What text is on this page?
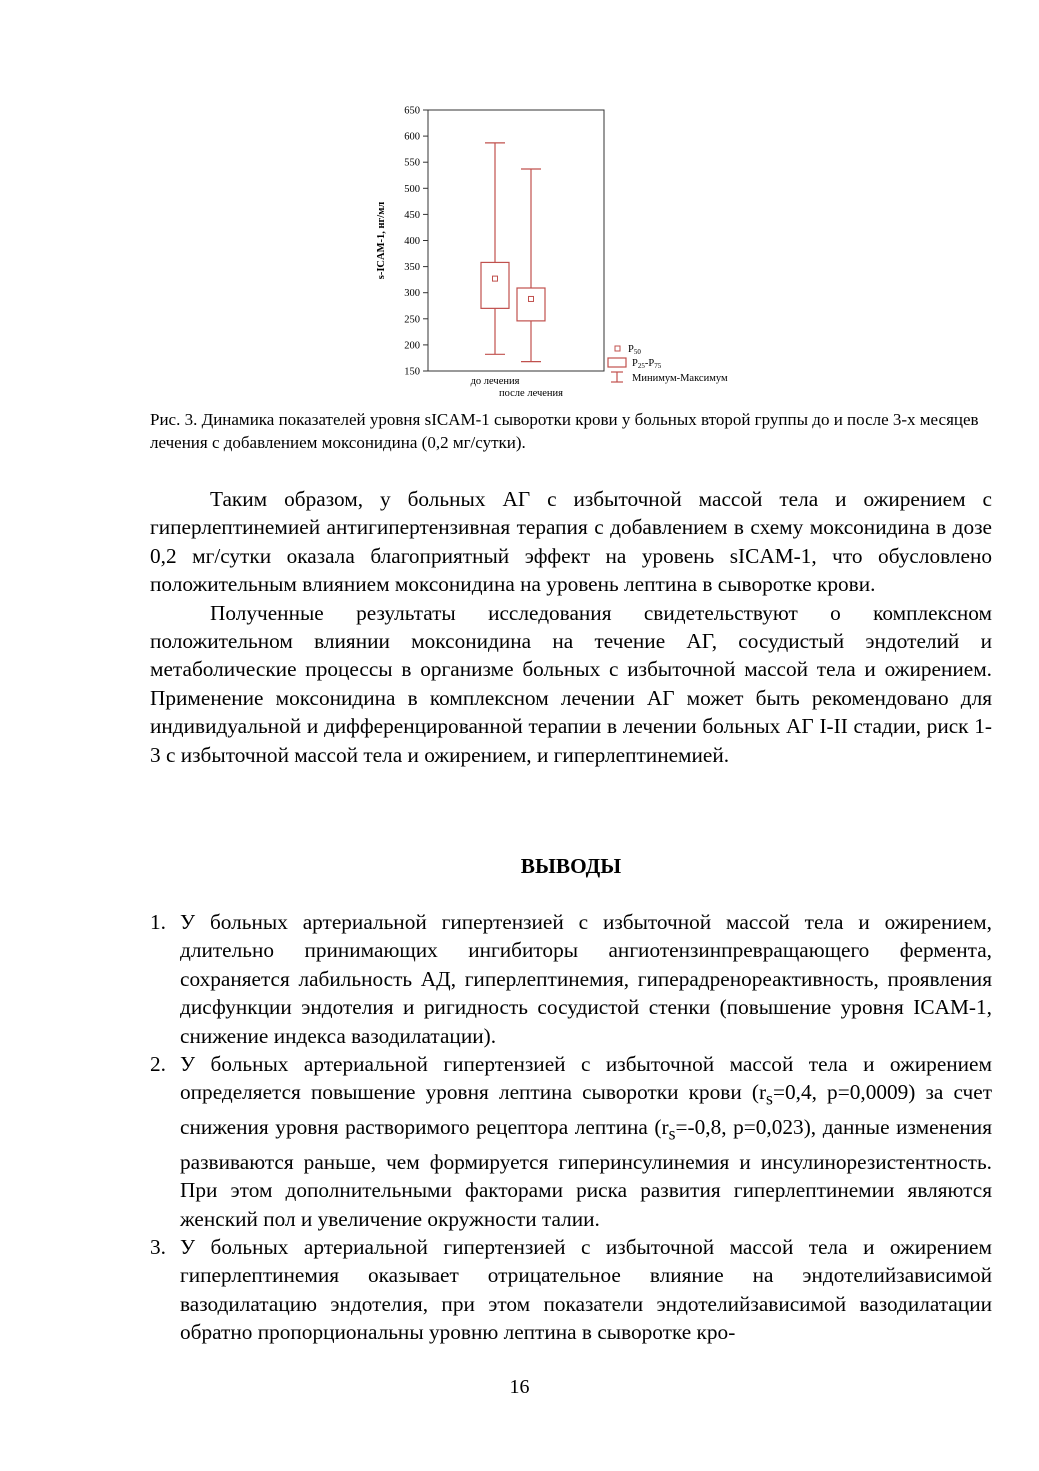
150
200
250
300
350
400
450
500
550
600
650
s-ICAM-1, нг/мл
до лечения
после лечения
P50
P25-P75
Минимум-Максимум
Рис. 3. Динамика показателей уровня sICAM-1 сыворотки крови у больных второй группы до и после 3-х месяцев лечения с добавлением моксонидина (0,2 мг/сутки).

Таким образом, у больных АГ с избыточной массой тела и ожирением с гиперлептинемией антигипертензивная терапия с добавлением в схему моксонидина в дозе 0,2 мг/сутки оказала благоприятный эффект на уровень sICAM-1, что обусловлено положительным влиянием моксонидина на уровень лептина в сыворотке крови.

Полученные результаты исследования свидетельствуют о комплексном положительном влиянии моксонидина на течение АГ, сосудистый эндотелий и метаболические процессы в организме больных с избыточной массой тела и ожирением. Применение моксонидина в комплексном лечении АГ может быть рекомендовано для индивидуальной и дифференцированной терапии в лечении больных АГ I-II стадии, риск 1-3 с избыточной массой тела и ожирением, и гиперлептинемией.

ВЫВОДЫ
1. У больных артериальной гипертензией с избыточной массой тела и ожирением, длительно принимающих ингибиторы ангиотензинпревращающего фермента, сохраняется лабильность АД, гиперлептинемия, гиперадренореактивность, проявления дисфункции эндотелия и ригидность сосудистой стенки (повышение уровня ICAM-1, снижение индекса вазодилатации).
2. У больных артериальной гипертензией с избыточной массой тела и ожирением определяется повышение уровня лептина сыворотки крови ($r_s=0,4$, p=0,0009) за счет снижения уровня растворимого рецептора лептина ($r_s=-0,8$, p=0,023), данные изменения развиваются раньше, чем формируется гиперинсулинемия и инсулинорезистентность. При этом дополнительными факторами риска развития гиперлептинемии являются женский пол и увеличение окружности талии.
3. У больных артериальной гипертензией с избыточной массой тела и ожирением гиперлептинемия оказывает отрицательное влияние на эндотелийзависимой вазодилатацию эндотелия, при этом показатели эндотелийзависимой вазодилатации обратно пропорциональны уровню лептина в сыворотке кро-
16
